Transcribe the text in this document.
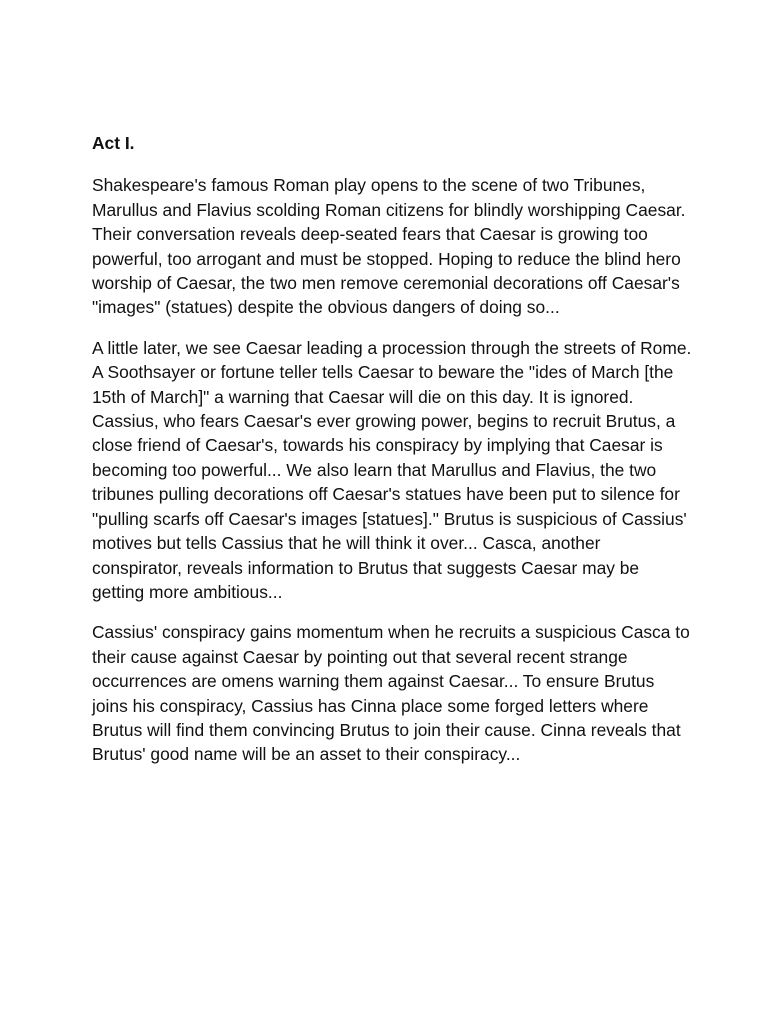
Act I.

Shakespeare's famous Roman play opens to the scene of two Tribunes, Marullus and Flavius scolding Roman citizens for blindly worshipping Caesar. Their conversation reveals deep-seated fears that Caesar is growing too powerful, too arrogant and must be stopped. Hoping to reduce the blind hero worship of Caesar, the two men remove ceremonial decorations off Caesar's "images" (statues) despite the obvious dangers of doing so...

A little later, we see Caesar leading a procession through the streets of Rome. A Soothsayer or fortune teller tells Caesar to beware the "ides of March [the 15th of March]" a warning that Caesar will die on this day. It is ignored. Cassius, who fears Caesar's ever growing power, begins to recruit Brutus, a close friend of Caesar's, towards his conspiracy by implying that Caesar is becoming too powerful... We also learn that Marullus and Flavius, the two tribunes pulling decorations off Caesar's statues have been put to silence for "pulling scarfs off Caesar's images [statues]." Brutus is suspicious of Cassius' motives but tells Cassius that he will think it over... Casca, another conspirator, reveals information to Brutus that suggests Caesar may be getting more ambitious...

Cassius' conspiracy gains momentum when he recruits a suspicious Casca to their cause against Caesar by pointing out that several recent strange occurrences are omens warning them against Caesar... To ensure Brutus joins his conspiracy, Cassius has Cinna place some forged letters where Brutus will find them convincing Brutus to join their cause. Cinna reveals that Brutus' good name will be an asset to their conspiracy...
